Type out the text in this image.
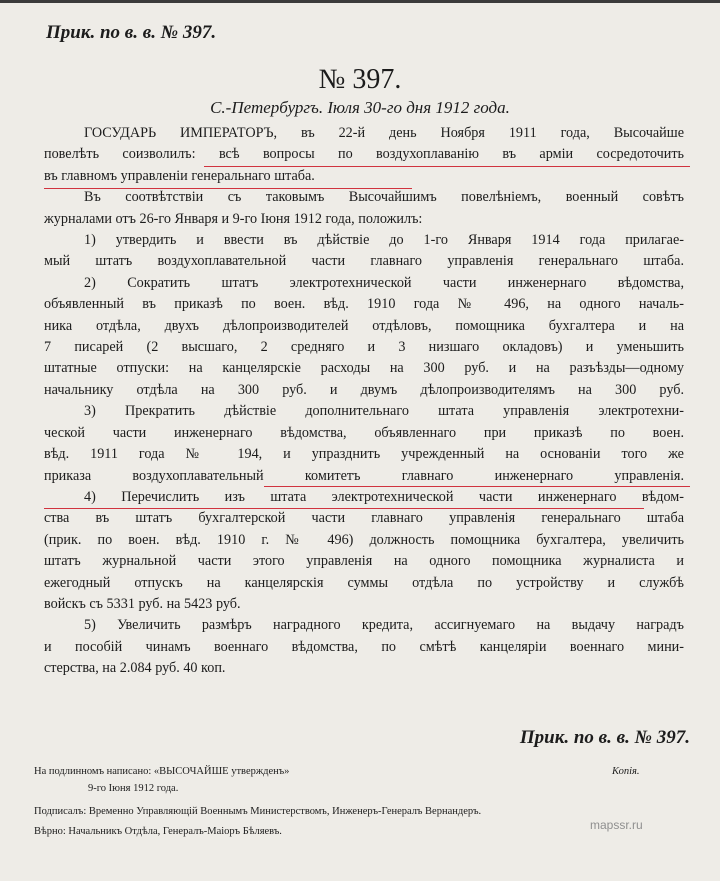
Прик. по в. в. № 397.
№ 397.
С.-Петербургъ. Іюля 30-го дня 1912 года.
ГОСУДАРЬ ИМПЕРАТОРЪ, въ 22-й день Ноября 1911 года, Высочайше
повелѣть соизволилъ: всѣ вопросы по воздухоплаванію въ арміи сосредоточить
въ главномъ управленіи генеральнаго штаба.
Въ соотвѣтствіи съ таковымъ Высочайшимъ повелѣніемъ, военный совѣтъ
журналами отъ 26-го Января и 9-го Іюня 1912 года, положилъ:
1) утвердить и ввести въ дѣйствіе до 1-го Января 1914 года прилагае-
мый штатъ воздухоплавательной части главнаго управленія генеральнаго штаба.
2) Сократить штатъ электротехнической части инженернаго вѣдомства,
объявленный въ приказѣ по воен. вѣд. 1910 года № 496, на одного началь-
ника отдѣла, двухъ дѣлопроизводителей отдѣловъ, помощника бухгалтера и на
7 писарей (2 высшаго, 2 средняго и 3 низшаго окладовъ) и уменьшить
штатные отпуски: на канцелярскіе расходы на 300 руб. и на разъѣзды—одному
начальнику отдѣла на 300 руб. и двумъ дѣлопроизводителямъ на 300 руб.
3) Прекратить дѣйствіе дополнительнаго штата управленія электротехни-
ческой части инженернаго вѣдомства, объявленнаго при приказѣ по воен.
вѣд. 1911 года № 194, и упразднить учрежденный на основаніи того же
приказа воздухоплавательный комитетъ главнаго инженернаго управленія.
4) Перечислить изъ штата электротехнической части инженернаго вѣдом-
ства въ штатъ бухгалтерской части главнаго управленія генеральнаго штаба
(прик. по воен. вѣд. 1910 г. № 496) должность помощника бухгалтера, увеличить
штатъ журнальной части этого управленія на одного помощника журналиста и
ежегодный отпускъ на канцелярскія суммы отдѣла по устройству и службѣ
войскъ съ 5331 руб. на 5423 руб.
5) Увеличить размѣръ наградного кредита, ассигнуемаго на выдачу наградъ
и пособій чинамъ военнаго вѣдомства, по смѣтѣ канцеляріи военнаго мини-
стерства, на 2.084 руб. 40 коп.
Прик. по в. в. № 397.
На подлинномъ написано: «ВЫСОЧАЙШЕ утвержденъ»
9-го Іюня 1912 года.
Копія.
Подписалъ: Временно Управляющій Военнымъ Министерствомъ, Инженеръ-Генералъ Вернандеръ.
Вѣрно: Начальникъ Отдѣла, Генералъ-Маіоръ Бѣляевъ.	mapssr.ru
